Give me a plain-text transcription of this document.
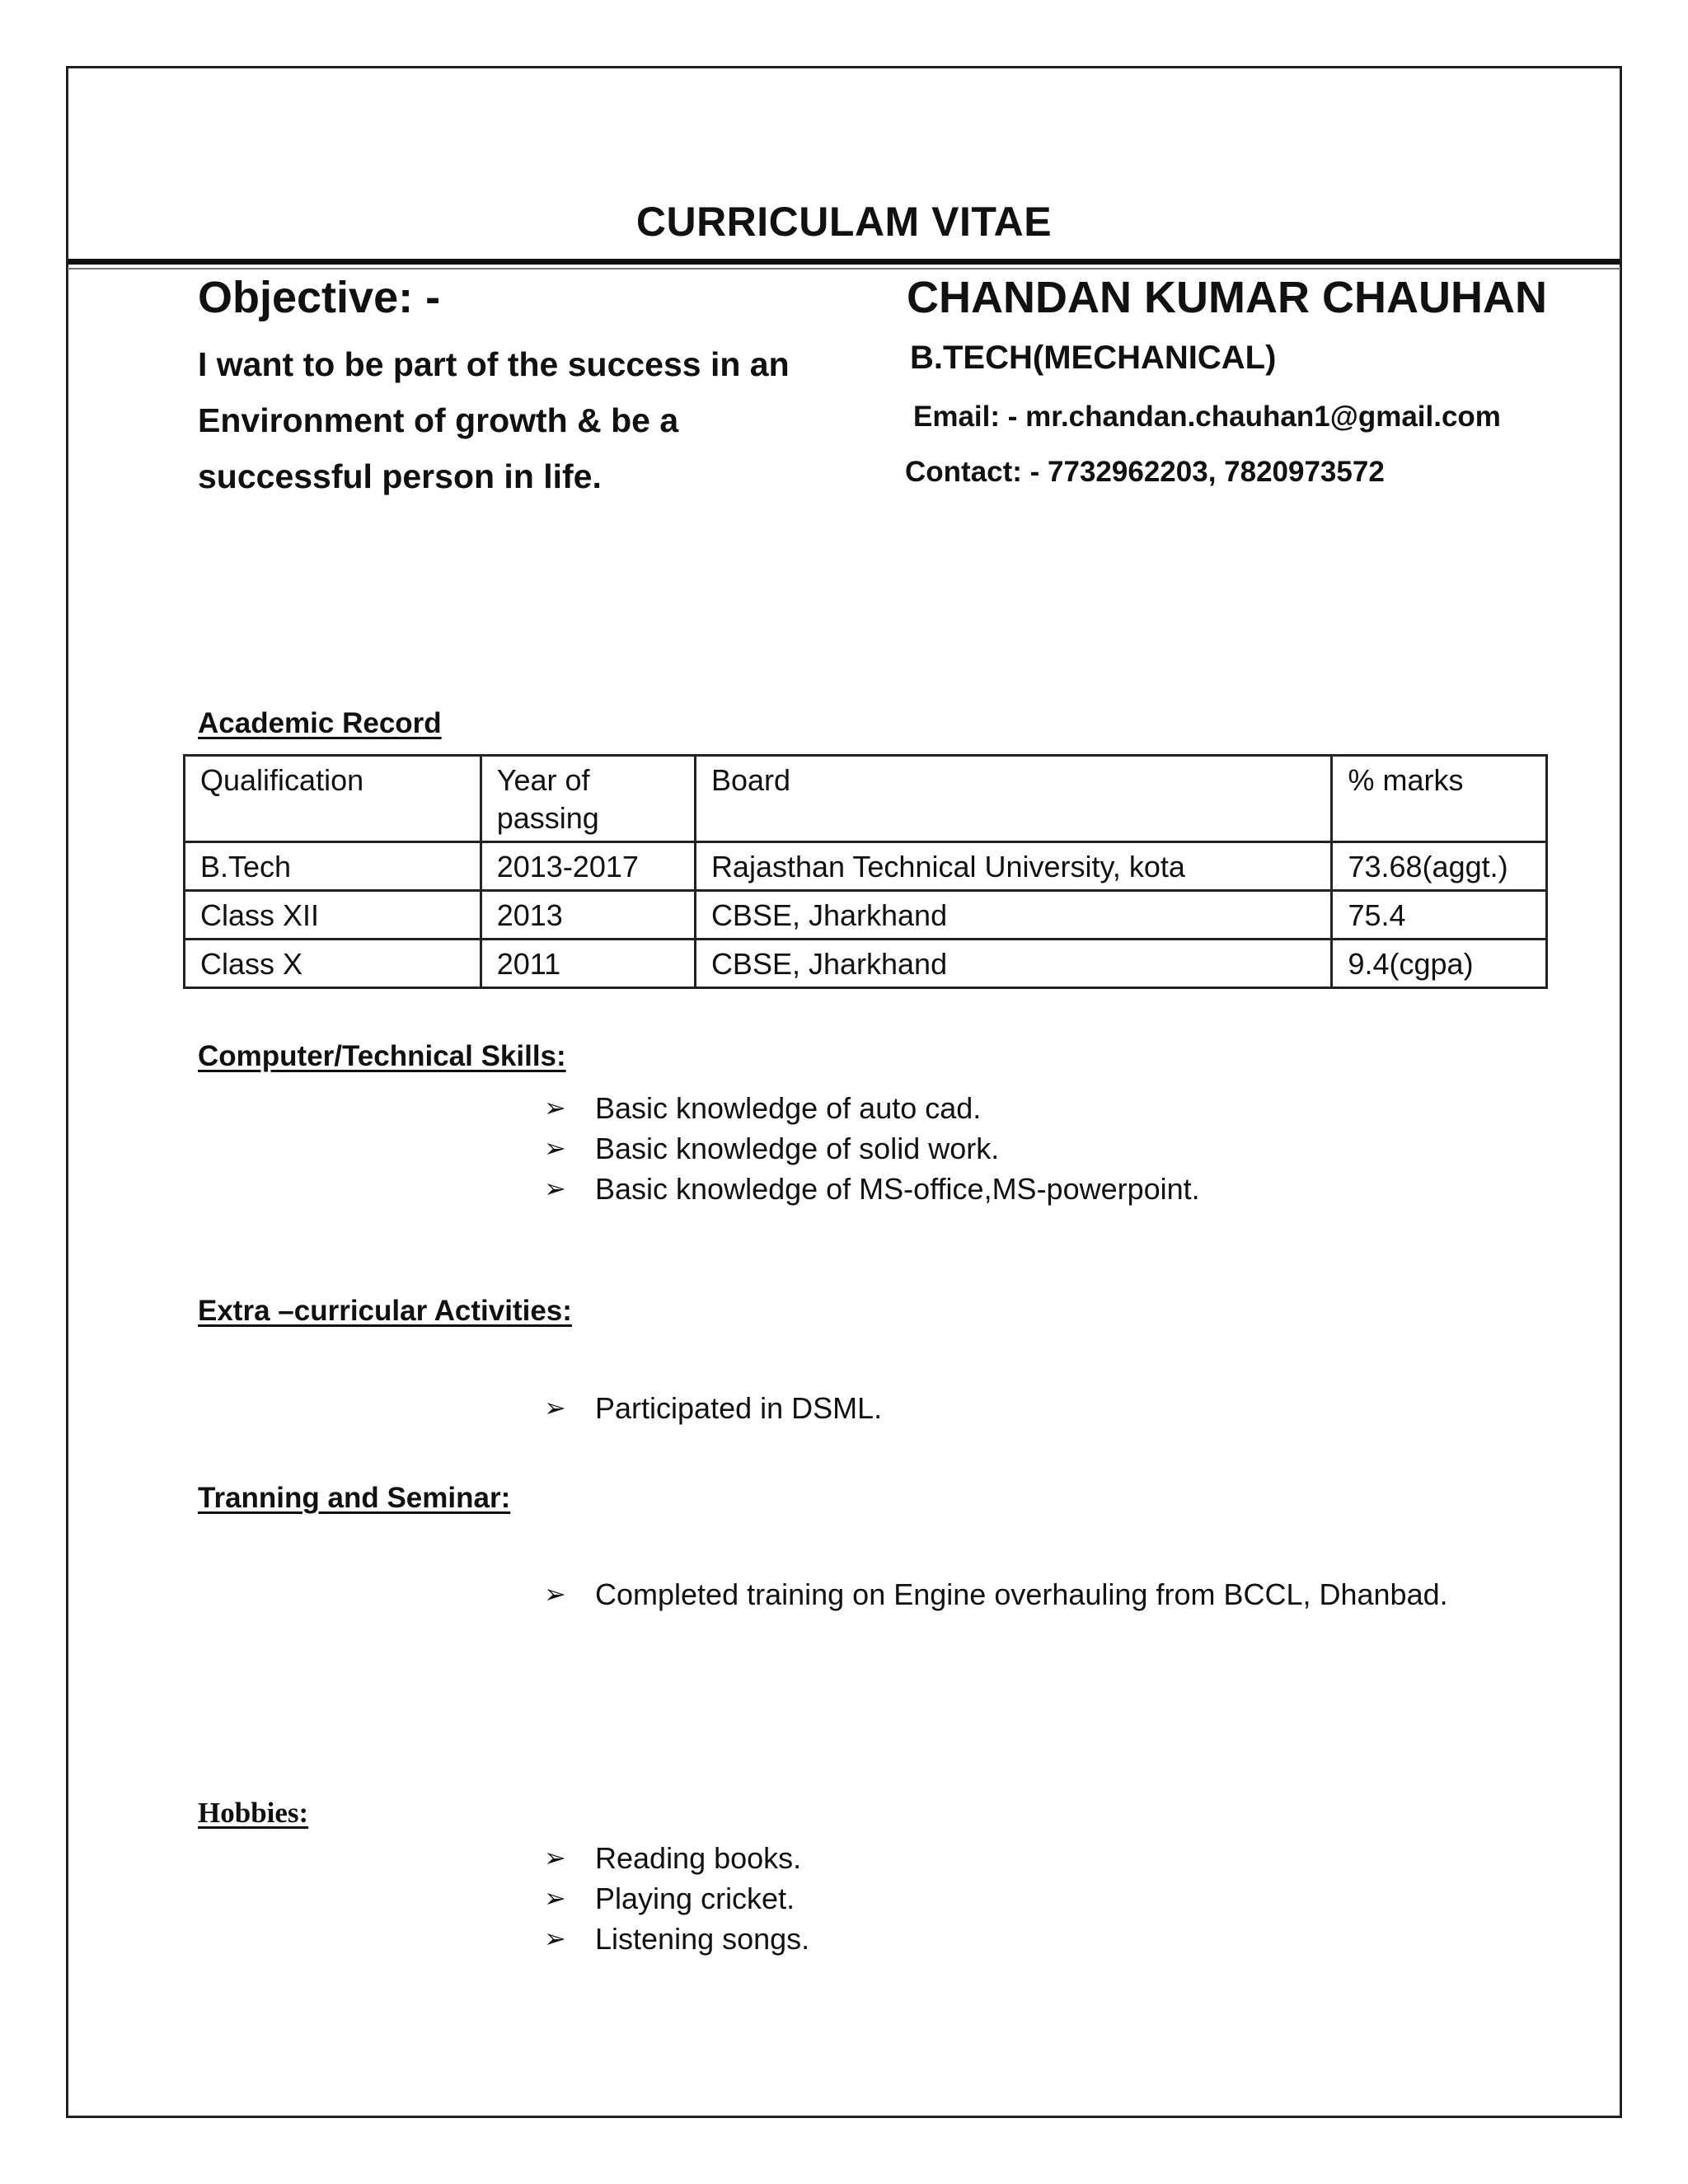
CURRICULAM VITAE
Objective: -
I want to be part of the success in an
Environment of growth & be a
successful person in life.
CHANDAN KUMAR CHAUHAN
B.TECH(MECHANICAL)
Email: - mr.chandan.chauhan1@gmail.com
Contact: - 7732962203, 7820973572
Academic Record
Qualification	Year of passing	Board	% marks
B.Tech	2013-2017	Rajasthan Technical University, kota	73.68(aggt.)
Class XII	2013	CBSE, Jharkhand	75.4
Class X	2011	CBSE, Jharkhand	9.4(cgpa)
Computer/Technical Skills:
➢ Basic knowledge of auto cad.
➢ Basic knowledge of solid work.
➢ Basic knowledge of MS-office,MS-powerpoint.
Extra –curricular Activities:
➢ Participated in DSML.
Tranning and Seminar:
➢ Completed training on Engine overhauling from BCCL, Dhanbad.
Hobbies:
➢ Reading books.
➢ Playing cricket.
➢ Listening songs.
